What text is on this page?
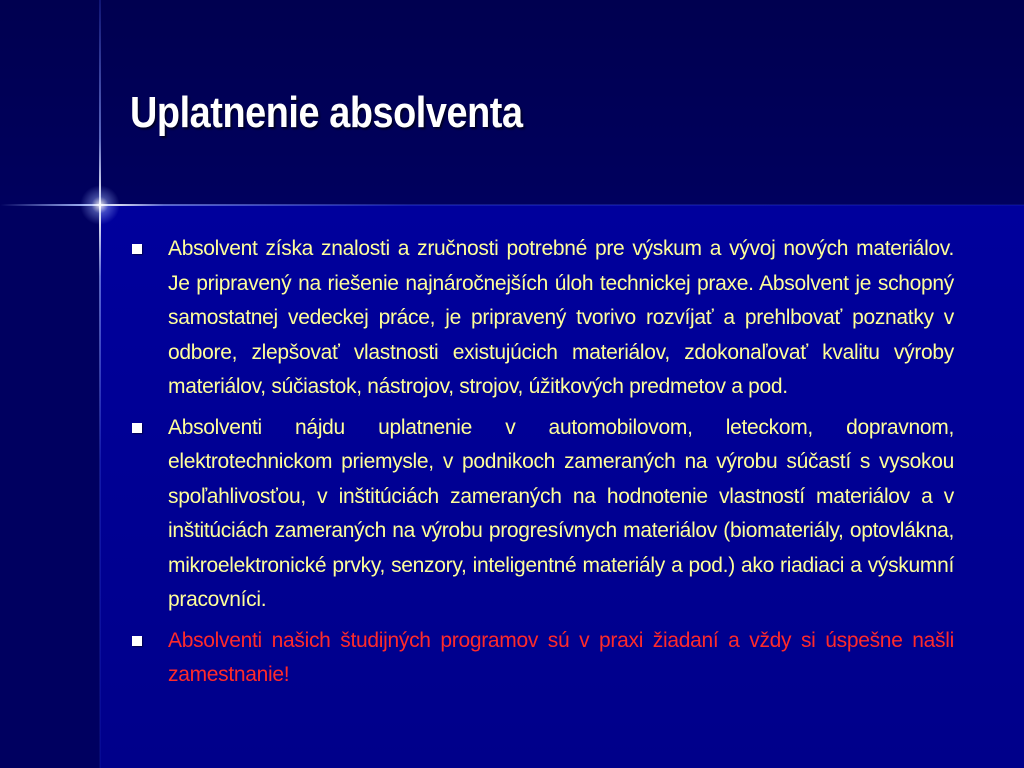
Uplatnenie absolventa
Absolvent získa znalosti a zručnosti potrebné pre výskum a vývoj nových materiálov. Je pripravený na riešenie najnáročnejších úloh technickej praxe. Absolvent je schopný samostatnej vedeckej práce, je pripravený tvorivo rozvíjať a prehlbovať poznatky v odbore, zlepšovať vlastnosti existujúcich materiálov, zdokonaľovať kvalitu výroby materiálov, súčiastok, nástrojov, strojov, úžitkových predmetov a pod.
Absolventi nájdu uplatnenie v automobilovom, leteckom, dopravnom, elektrotechnickom priemysle, v podnikoch zameraných na výrobu súčastí s vysokou spoľahlivosťou, v inštitúciách zameraných na hodnotenie vlastností materiálov a v inštitúciách zameraných na výrobu progresívnych materiálov (biomateriály, optovlákna, mikroelektronické prvky, senzory, inteligentné materiály a pod.) ako riadiaci a výskumní pracovníci.
Absolventi našich študijných programov sú v praxi žiadaní a vždy si úspešne našli zamestnanie!
